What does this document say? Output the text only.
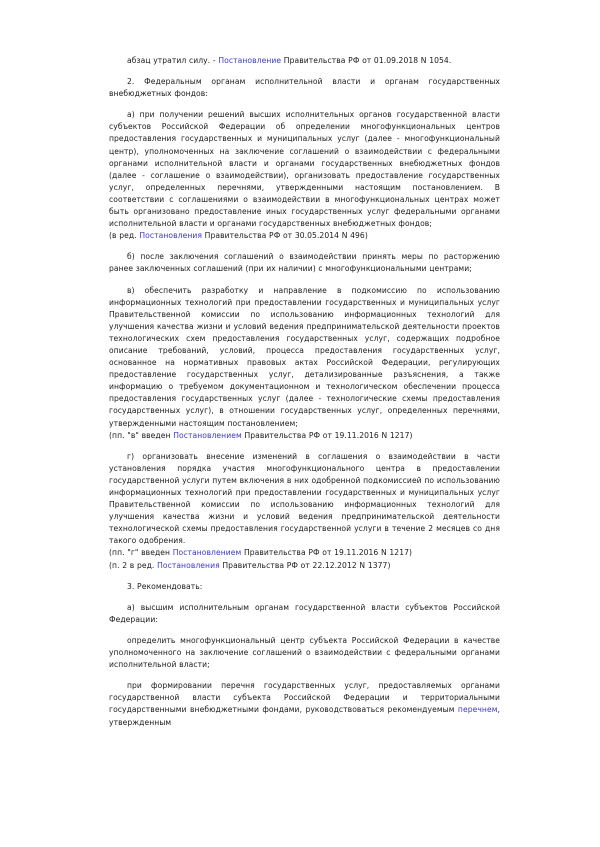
абзац утратил силу. - Постановление Правительства РФ от 01.09.2018 N 1054.

2. Федеральным органам исполнительной власти и органам государственных внебюджетных фондов:

а) при получении решений высших исполнительных органов государственной власти субъектов Российской Федерации об определении многофункциональных центров предоставления государственных и муниципальных услуг (далее - многофункциональный центр), уполномоченных на заключение соглашений о взаимодействии с федеральными органами исполнительной власти и органами государственных внебюджетных фондов (далее - соглашение о взаимодействии), организовать предоставление государственных услуг, определенных перечнями, утвержденными настоящим постановлением. В соответствии с соглашениями о взаимодействии в многофункциональных центрах может быть организовано предоставление иных государственных услуг федеральными органами исполнительной власти и органами государственных внебюджетных фондов;

(в ред. Постановления Правительства РФ от 30.05.2014 N 496)

б) после заключения соглашений о взаимодействии принять меры по расторжению ранее заключенных соглашений (при их наличии) с многофункциональными центрами;

в) обеспечить разработку и направление в подкомиссию по использованию информационных технологий при предоставлении государственных и муниципальных услуг Правительственной комиссии по использованию информационных технологий для улучшения качества жизни и условий ведения предпринимательской деятельности проектов технологических схем предоставления государственных услуг, содержащих подробное описание требований, условий, процесса предоставления государственных услуг, основанное на нормативных правовых актах Российской Федерации, регулирующих предоставление государственных услуг, детализированные разъяснения, а также информацию о требуемом документационном и технологическом обеспечении процесса предоставления государственных услуг (далее - технологические схемы предоставления государственных услуг), в отношении государственных услуг, определенных перечнями, утвержденными настоящим постановлением;

(пп. "в" введен Постановлением Правительства РФ от 19.11.2016 N 1217)

г) организовать внесение изменений в соглашения о взаимодействии в части установления порядка участия многофункционального центра в предоставлении государственной услуги путем включения в них одобренной подкомиссией по использованию информационных технологий при предоставлении государственных и муниципальных услуг Правительственной комиссии по использованию информационных технологий для улучшения качества жизни и условий ведения предпринимательской деятельности технологической схемы предоставления государственной услуги в течение 2 месяцев со дня такого одобрения.

(пп. "г" введен Постановлением Правительства РФ от 19.11.2016 N 1217)

(п. 2 в ред. Постановления Правительства РФ от 22.12.2012 N 1377)

3. Рекомендовать:

а) высшим исполнительным органам государственной власти субъектов Российской Федерации:

определить многофункциональный центр субъекта Российской Федерации в качестве уполномоченного на заключение соглашений о взаимодействии с федеральными органами исполнительной власти;

при формировании перечня государственных услуг, предоставляемых органами государственной власти субъекта Российской Федерации и территориальными государственными внебюджетными фондами, руководствоваться рекомендуемым перечнем, утвержденным
